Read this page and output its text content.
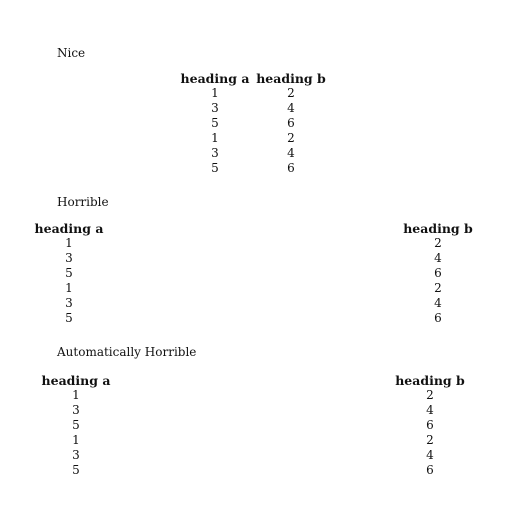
Nice
heading a
1
3
5
1
3
5
heading b
2
4
6
2
4
6
Horrible
heading a
1
3
5
1
3
5
heading b
2
4
6
2
4
6
Automatically Horrible
heading a
1
3
5
1
3
5
heading b
2
4
6
2
4
6
